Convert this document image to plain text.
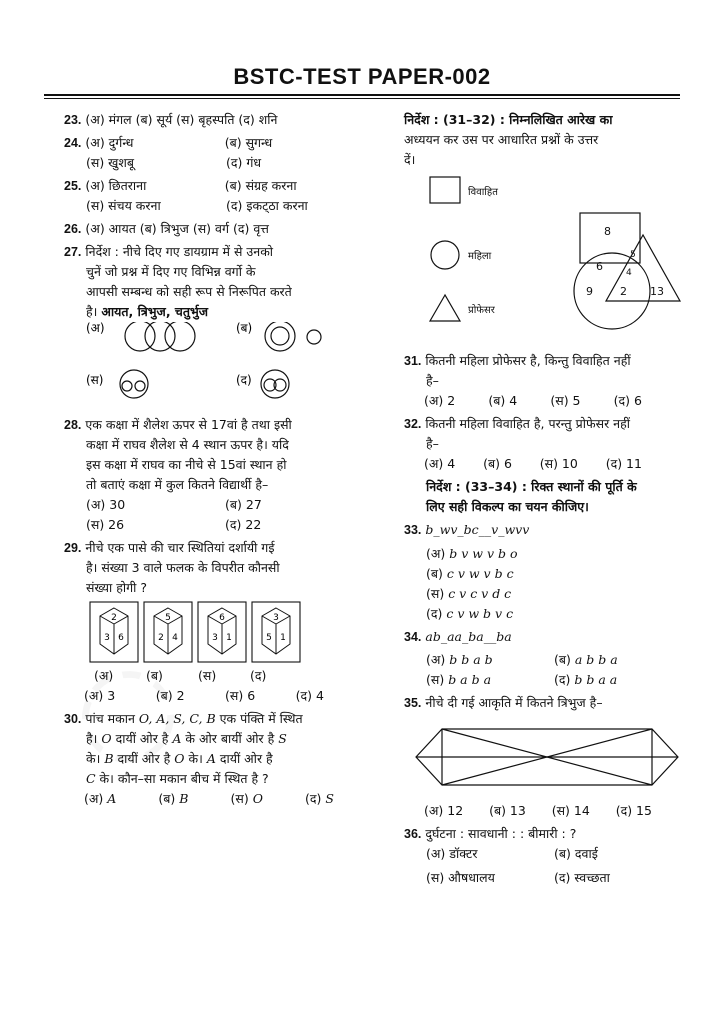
BSTC-TEST PAPER-002
23. (अ) मंगल (ब) सूर्य (स) बृहस्पति (द) शनि
24. (अ) दुर्गन्ध	(ब) सुगन्ध
(स) खुशबू	(द) गंध
25. (अ) छितराना	(ब) संग्रह करना
(स) संचय करना	(द) इकट्‌ठा करना
26. (अ) आयत (ब) त्रिभुज (स) वर्ग (द) वृत्त
27. निर्देश : नीचे दिए गए डायग्राम में से उनको
चुनें जो प्रश्न में दिए गए विभिन्न वर्गो के
आपसी सम्बन्ध को सही रूप से निरूपित करते
है। आयत, त्रिभुज, चतुर्भुज
(अ)	(ब)
(स)	(द)
28. एक कक्षा में शैलेश ऊपर से 17वां है तथा इसी
कक्षा में राघव शैलेश से 4 स्थान ऊपर है। यदि
इस कक्षा में राघव का नीचे से 15वां स्थान हो
तो बताएं कक्षा में कुल कितने विद्यार्थी है–
(अ) 30	(ब) 27
(स) 26	(द) 22
29. नीचे एक पासे की चार स्थितियां दर्शायी गई
है। संख्या 3 वाले फलक के विपरीत कौनसी
संख्या होगी ?
2
3 6
5
2 4
6
3 1
3
5 1
(अ)	(ब)	(स)	(द)
(अ) 3	(ब) 2	(स) 6	(द) 4
30. पांच मकान O, A, S, C, B एक पंक्ति में स्थित
है। O दायीं ओर है A के ओर बायीं ओर है S
के। B दायीं ओर है O के। A दायीं ओर है
C के। कौन–सा मकान बीच में स्थित है ?
(अ) A	(ब) B	(स) O	(द) S
निर्देश : (31–32) : निम्नलिखित आरेख का
अध्ययन कर उस पर आधारित प्रश्नों के उत्तर
दें।
विवाहित
महिला
प्रोफेसर
8
6
5
4
9 2 13
31. कितनी महिला प्रोफेसर है, किन्तु विवाहित नहीं
है–
(अ) 2	(ब) 4	(स) 5	(द) 6
32. कितनी महिला विवाहित है, परन्तु प्रोफेसर नहीं
है–
(अ) 4 (ब) 6 (स) 10 (द) 11
निर्देश : (33–34) : रिक्त स्थानों की पूर्ति के
लिए सही विकल्प का चयन कीजिए।
33. b_wv_bc__v_wvv
(अ) b v w v b o
(ब) c v w v b c
(स) c v c v d c
(द) c v w b v c
34. ab_aa_ba__ba
(अ) b b a b	(ब) a b b a
(स) b a b a	(द) b b a a
35. नीचे दी गई आकृति में कितने त्रिभुज है–
(अ) 12 (ब) 13 (स) 14 (द) 15
36. दुर्घटना : सावधानी : : बीमारी : ?
(अ) डॉक्टर	(ब) दवाई
(स) औषधालय	(द) स्वच्छता
